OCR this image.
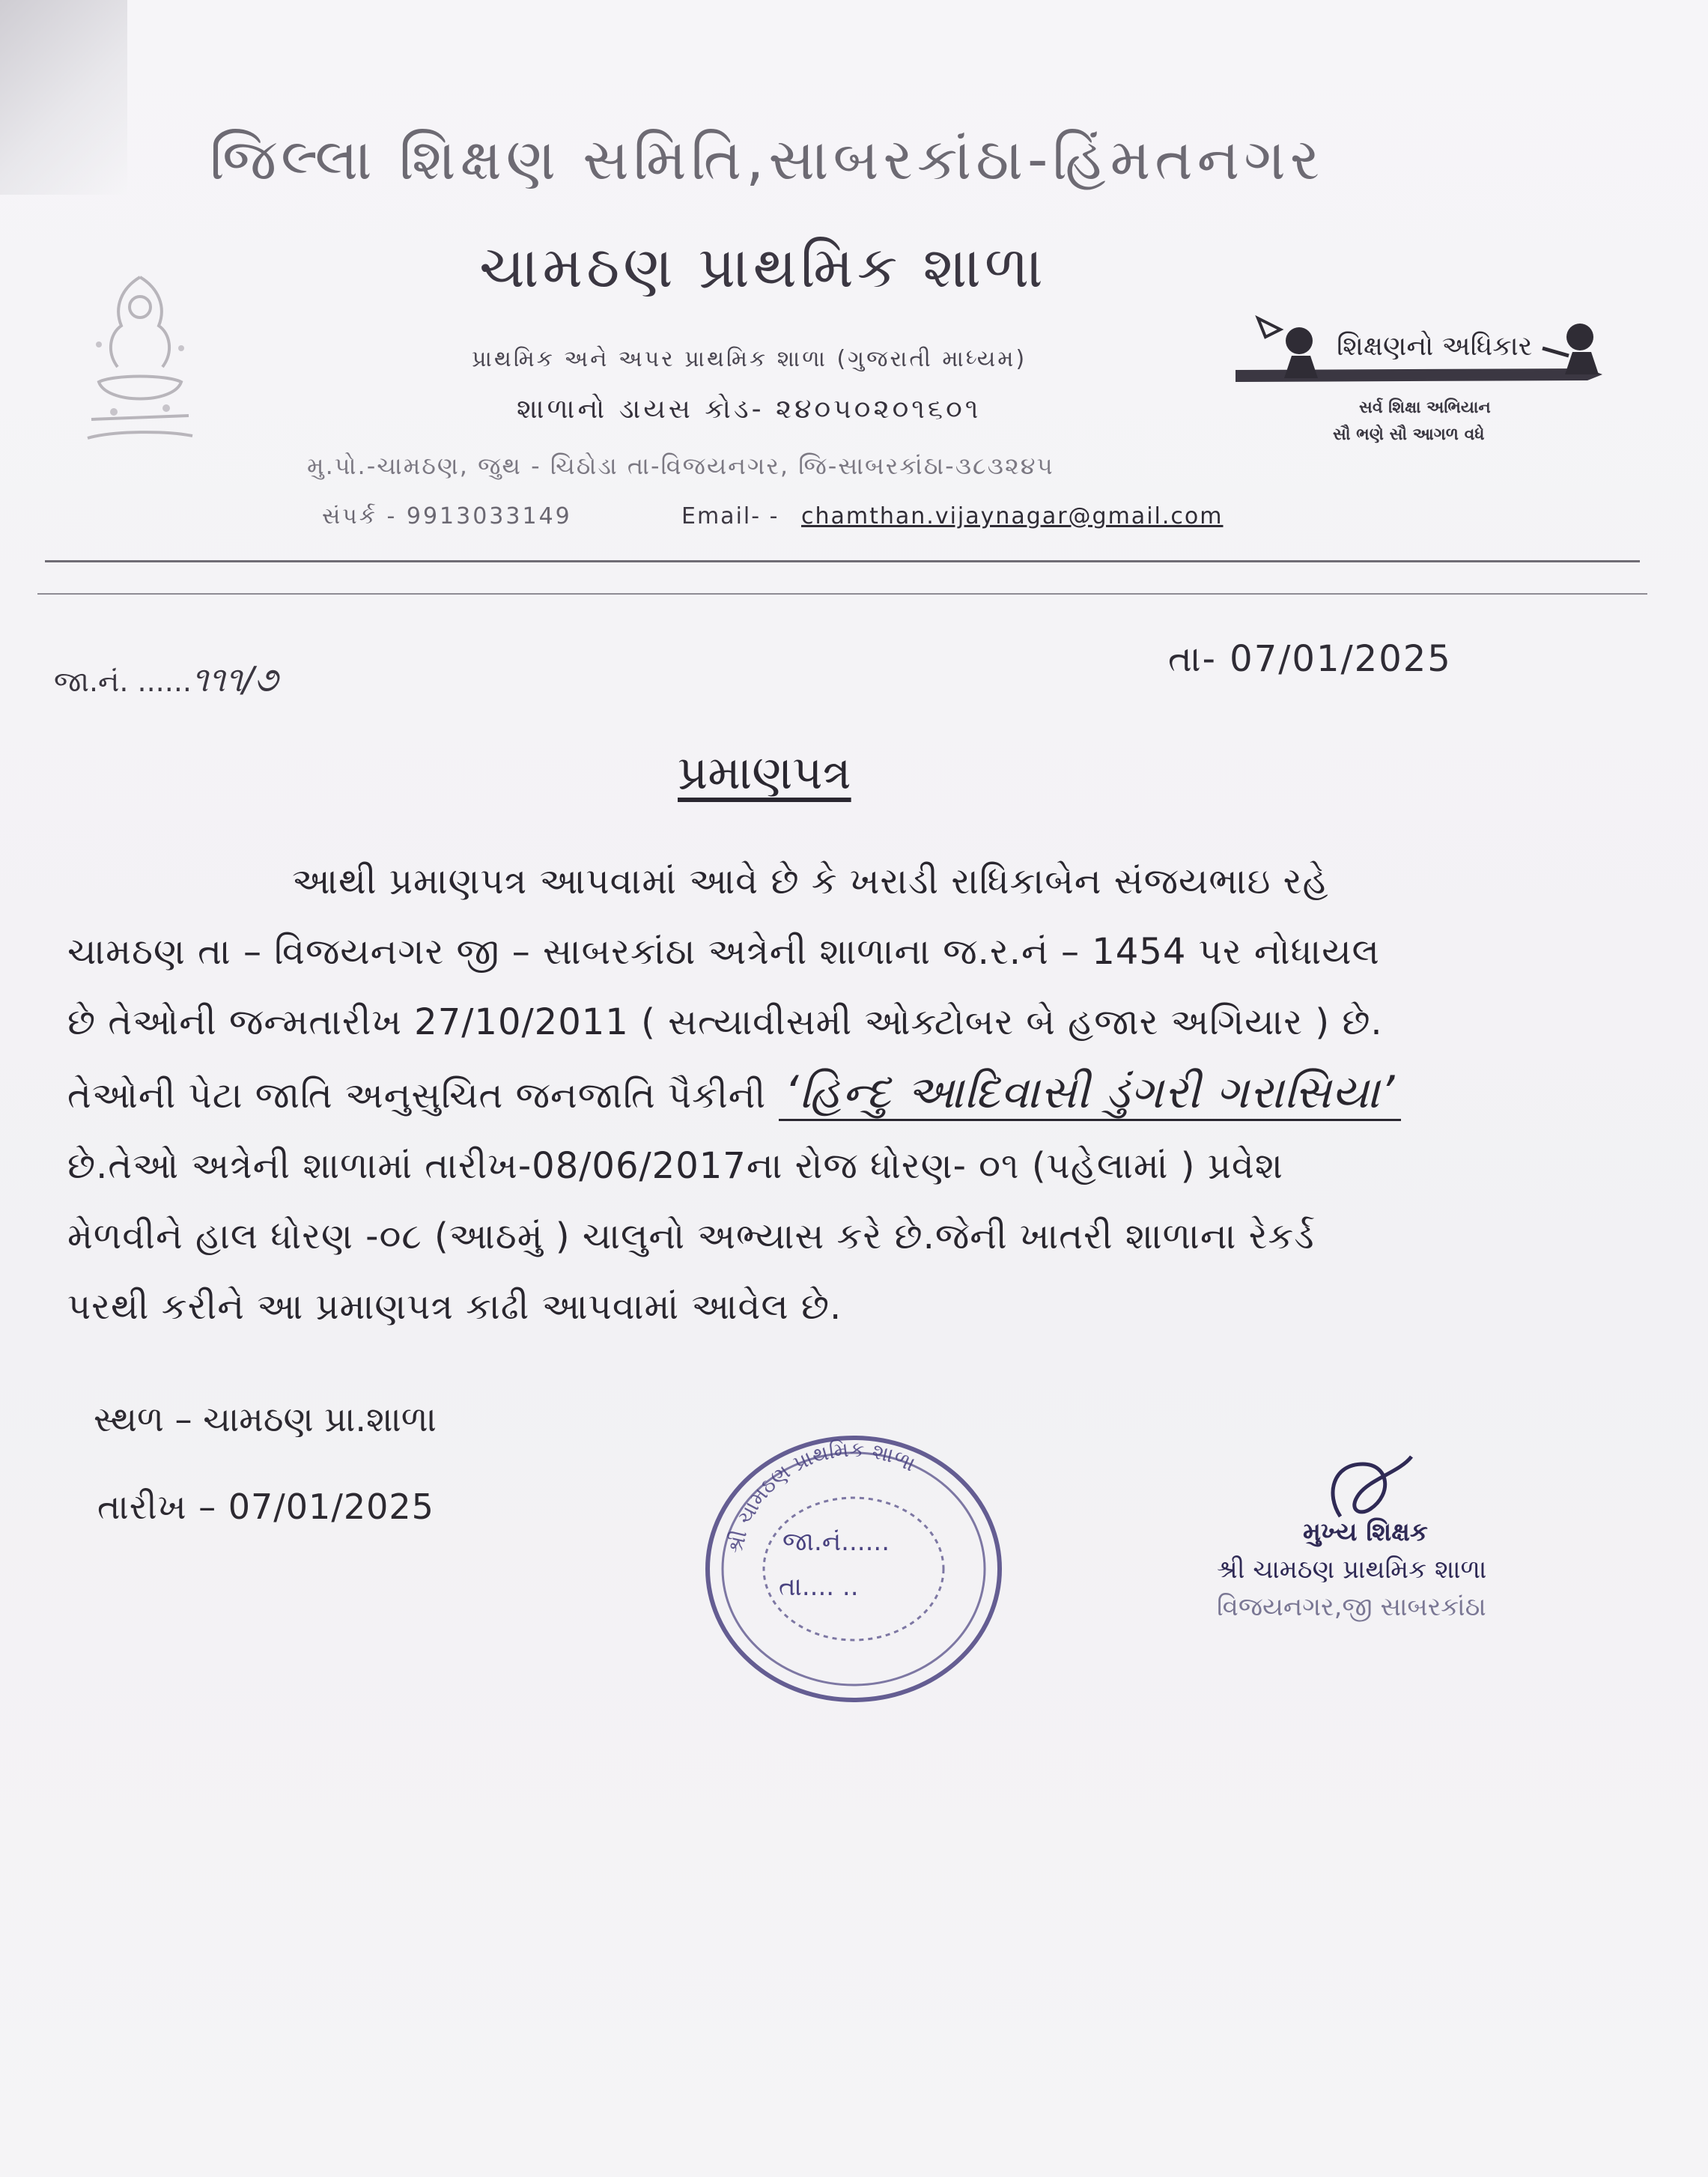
જિલ્લા શિક્ષણ સમિતિ,સાબરકાંઠા-હિંમતનગર
ચામઠણ પ્રાથમિક શાળા
પ્રાથમિક અને અપર પ્રાથમિક શાળા (ગુજરાતી માધ્યમ)
શાળાનો ડાયસ કોડ- ૨૪૦૫૦૨૦૧૬૦૧
મુ.પો.-ચામઠણ, જુથ - ચિઠોડા તા-વિજયનગર, જિ-સાબરકાંઠા-૩૮૩૨૪૫
સંપર્ક - 9913033149	Email- - chamthan.vijaynagar@gmail.com
શિક્ષણનો અધિકાર
સર્વ શિક્ષા અભિયાન
સૌ ભણે સૌ આગળ વધે
જા.નં. ......૧૧૧/૭	તા- 07/01/2025
પ્રમાણપત્ર

આથી પ્રમાણપત્ર આપવામાં આવે છે કે ખરાડી રાધિકાબેન સંજયભાઇ રહે

ચામઠણ તા – વિજયનગર જી – સાબરકાંઠા અત્રેની શાળાના જ.ર.નં – 1454 પર નોધાયલ

છે તેઓની જન્મતારીખ 27/10/2011 ( સત્યાવીસમી ઓક્ટોબર બે હજાર અગિયાર ) છે.

તેઓની પેટા જાતિ અનુસુચિત જનજાતિ પૈકીની ‘હિન્દુ આદિવાસી ડુંગરી ગરાસિયા’

છે.તેઓ અત્રેની શાળામાં તારીખ-08/06/2017ના રોજ ધોરણ- ૦૧ (પહેલામાં ) પ્રવેશ

મેળવીને હાલ ધોરણ -૦૮ (આઠમું ) ચાલુનો અભ્યાસ કરે છે.જેની ખાતરી શાળાના રેકર્ડ

પરથી કરીને આ પ્રમાણપત્ર કાઢી આપવામાં આવેલ છે.

સ્થળ – ચામઠણ પ્રા.શાળા
તારીખ – 07/01/2025
શ્રી ચામઠણ પ્રાથમિક શાળા
જા.નં......
તા.... ..
મુખ્ય શિક્ષક
શ્રી ચામઠણ પ્રાથમિક શાળા
વિજયનગર,જી સાબરકાંઠા
